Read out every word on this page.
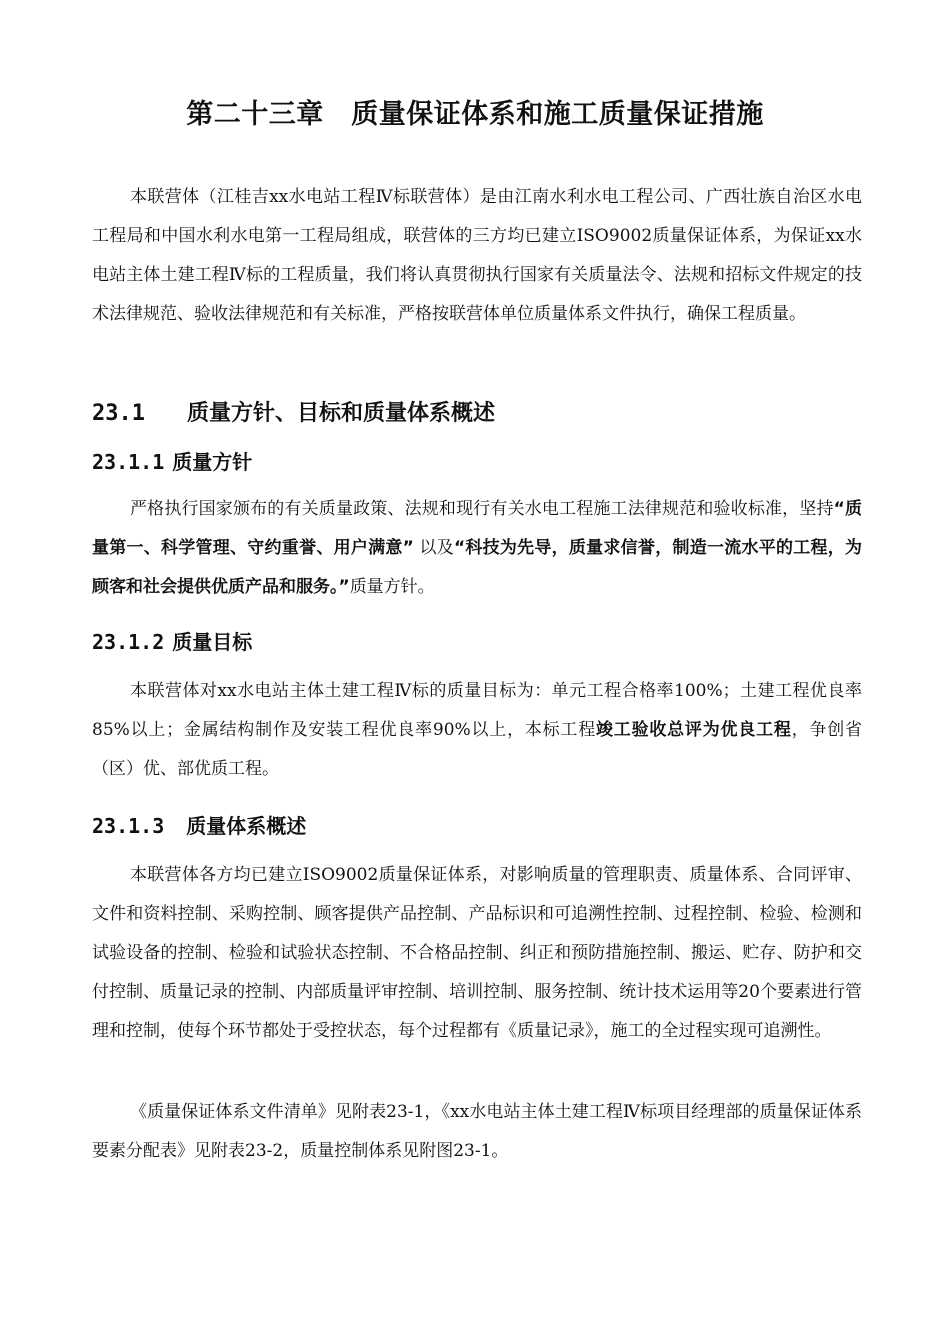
第二十三章　质量保证体系和施工质量保证措施

本联营体（江桂吉xx水电站工程Ⅳ标联营体）是由江南水利水电工程公司、广西壮族自治区水电工程局和中国水利水电第一工程局组成，联营体的三方均已建立ISO9002质量保证体系，为保证xx水电站主体土建工程Ⅳ标的工程质量，我们将认真贯彻执行国家有关质量法令、法规和招标文件规定的技术法律规范、验收法律规范和有关标准，严格按联营体单位质量体系文件执行，确保工程质量。

23.1 质量方针、目标和质量体系概述
23.1.1 质量方针

严格执行国家颁布的有关质量政策、法规和现行有关水电工程施工法律规范和验收标准，坚持“质量第一、科学管理、守约重誉、用户满意” 以及“科技为先导，质量求信誉，制造一流水平的工程，为顾客和社会提供优质产品和服务。”质量方针。

23.1.2 质量目标

本联营体对xx水电站主体土建工程Ⅳ标的质量目标为：单元工程合格率100%；土建工程优良率85%以上；金属结构制作及安装工程优良率90%以上，本标工程竣工验收总评为优良工程，争创省（区）优、部优质工程。

23.1.3 质量体系概述

本联营体各方均已建立ISO9002质量保证体系，对影响质量的管理职责、质量体系、合同评审、文件和资料控制、采购控制、顾客提供产品控制、产品标识和可追溯性控制、过程控制、检验、检测和试验设备的控制、检验和试验状态控制、不合格品控制、纠正和预防措施控制、搬运、贮存、防护和交付控制、质量记录的控制、内部质量评审控制、培训控制、服务控制、统计技术运用等20个要素进行管理和控制，使每个环节都处于受控状态，每个过程都有《质量记录》，施工的全过程实现可追溯性。

《质量保证体系文件清单》见附表23-1，《xx水电站主体土建工程Ⅳ标项目经理部的质量保证体系要素分配表》见附表23-2，质量控制体系见附图23-1。
